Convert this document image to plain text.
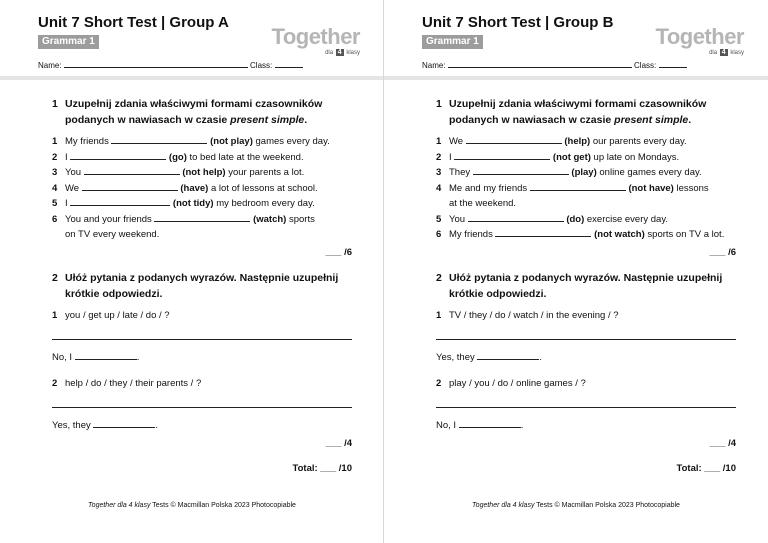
Unit 7 Short Test | Group A
Grammar 1	Together
dla 4 klasy
Name:	Class:
1 Uzupełnij zdania właściwymi formami czasowników
podanych w nawiasach w czasie present simple.
1 My friends	(not play) games every day.
2 I	(go) to bed late at the weekend.
3 You	(not help) your parents a lot.
4 We	(have) a lot of lessons at school.
5 I	(not tidy) my bedroom every day.
6 You and your friends	(watch) sports
on TV every weekend.
___ /6
2 Ułóż pytania z podanych wyrazów. Następnie uzupełnij
krótkie odpowiedzi.
1 you / get up / late / do / ?
No, I	.
2 help / do / they / their parents / ?
Yes, they	.
___ /4
Total: ___ /10
Together dla 4 klasy Tests © Macmillan Polska 2023 Photocopiable
Unit 7 Short Test | Group B
Grammar 1	Together
dla 4 klasy
Name:	Class:
1 Uzupełnij zdania właściwymi formami czasowników
podanych w nawiasach w czasie present simple.
1 We	(help) our parents every day.
2 I	(not get) up late on Mondays.
3 They	(play) online games every day.
4 Me and my friends	(not have) lessons
at the weekend.
5 You	(do) exercise every day.
6 My friends	(not watch) sports on TV a lot.
___ /6
2 Ułóż pytania z podanych wyrazów. Następnie uzupełnij
krótkie odpowiedzi.
1 TV / they / do / watch / in the evening / ?
Yes, they	.
2 play / you / do / online games / ?
No, I	.
___ /4
Total: ___ /10
Together dla 4 klasy Tests © Macmillan Polska 2023 Photocopiable
